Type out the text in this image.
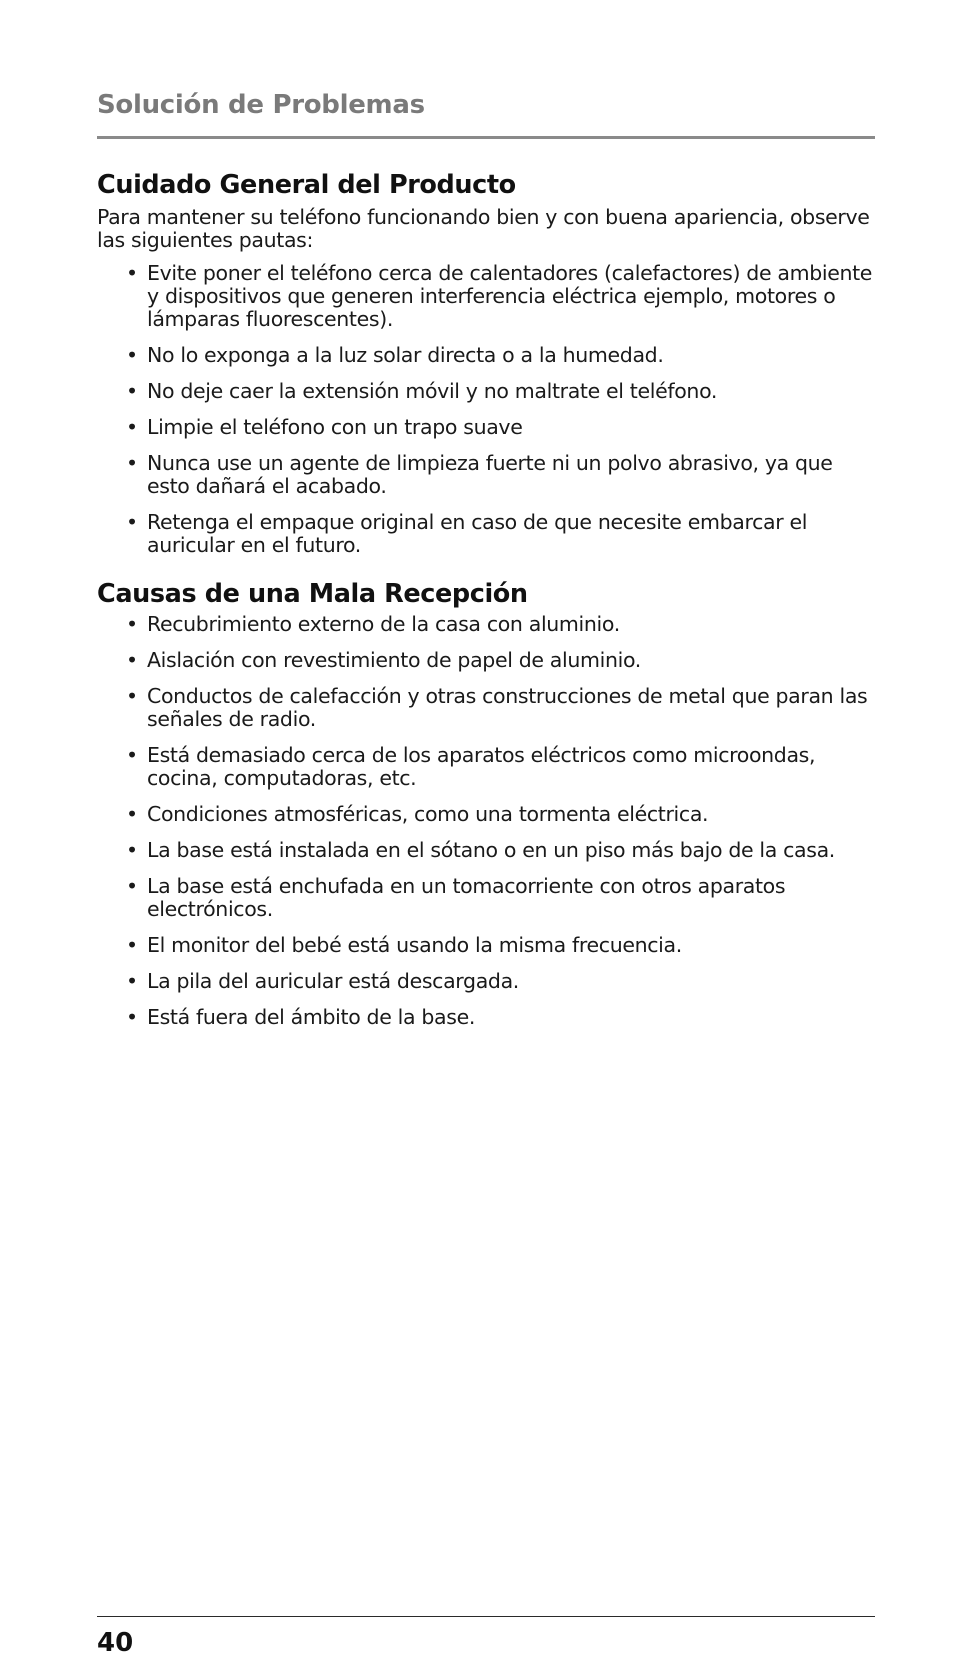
Solución de Problemas
Cuidado General del Producto

Para mantener su teléfono funcionando bien y con buena apariencia, observe las siguientes pautas:

• Evite poner el teléfono cerca de calentadores (calefactores) de ambiente y dispositivos que generen interferencia eléctrica ejemplo, motores o lámparas fluorescentes).
• No lo exponga a la luz solar directa o a la humedad.
• No deje caer la extensión móvil y no maltrate el teléfono.
• Limpie el teléfono con un trapo suave
• Nunca use un agente de limpieza fuerte ni un polvo abrasivo, ya que esto dañará el acabado.
• Retenga el empaque original en caso de que necesite embarcar el auricular en el futuro.
Causas de una Mala Recepción
• Recubrimiento externo de la casa con aluminio.
• Aislación con revestimiento de papel de aluminio.
• Conductos de calefacción y otras construcciones de metal que paran las señales de radio.
• Está demasiado cerca de los aparatos eléctricos como microondas, cocina, computadoras, etc.
• Condiciones atmosféricas, como una tormenta eléctrica.
• La base está instalada en el sótano o en un piso más bajo de la casa.
• La base está enchufada en un tomacorriente con otros aparatos electrónicos.
• El monitor del bebé está usando la misma frecuencia.
• La pila del auricular está descargada.
• Está fuera del ámbito de la base.
40
